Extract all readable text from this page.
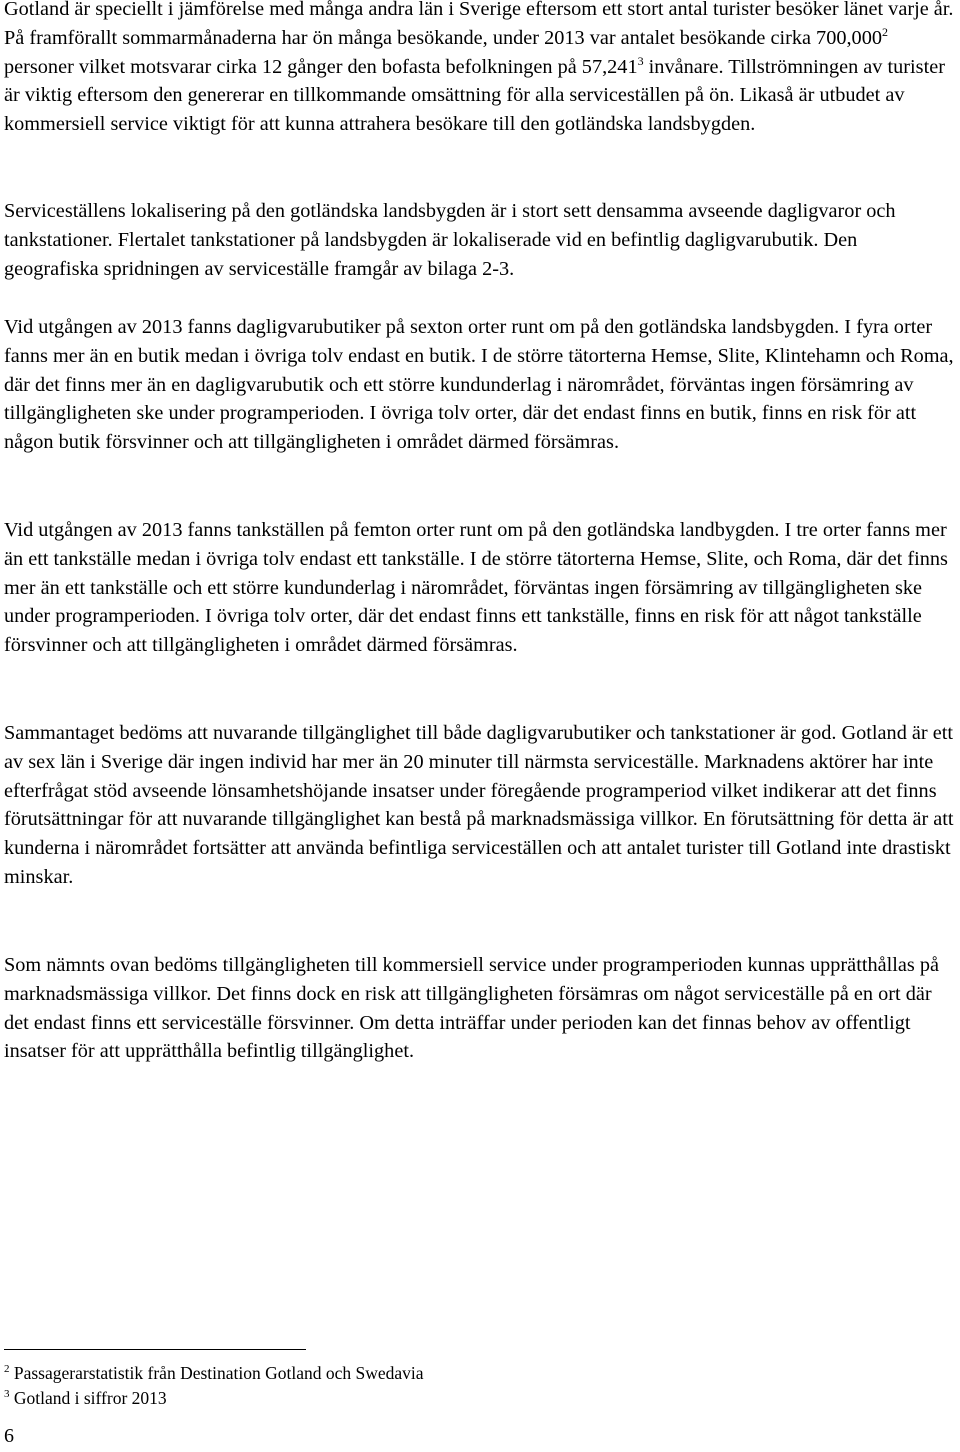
Gotland är speciellt i jämförelse med många andra län i Sverige eftersom ett stort antal turister besöker länet varje år. På framförallt sommarmånaderna har ön många besökande, under 2013 var antalet besökande cirka 700,000$^2$ personer vilket motsvarar cirka 12 gånger den bofasta befolkningen på 57,241$^3$ invånare. Tillströmningen av turister är viktig eftersom den genererar en tillkommande omsättning för alla serviceställen på ön. Likaså är utbudet av kommersiell service viktigt för att kunna attrahera besökare till den gotländska landsbygden.

Serviceställens lokalisering på den gotländska landsbygden är i stort sett densamma avseende dagligvaror och tankstationer. Flertalet tankstationer på landsbygden är lokaliserade vid en befintlig dagligvarubutik. Den geografiska spridningen av serviceställe framgår av bilaga 2-3.

Vid utgången av 2013 fanns dagligvarubutiker på sexton orter runt om på den gotländska landsbygden. I fyra orter fanns mer än en butik medan i övriga tolv endast en butik. I de större tätorterna Hemse, Slite, Klintehamn och Roma, där det finns mer än en dagligvarubutik och ett större kundunderlag i närområdet, förväntas ingen försämring av tillgängligheten ske under programperioden. I övriga tolv orter, där det endast finns en butik, finns en risk för att någon butik försvinner och att tillgängligheten i området därmed försämras.

Vid utgången av 2013 fanns tankställen på femton orter runt om på den gotländska landbygden. I tre orter fanns mer än ett tankställe medan i övriga tolv endast ett tankställe. I de större tätorterna Hemse, Slite, och Roma, där det finns mer än ett tankställe och ett större kundunderlag i närområdet, förväntas ingen försämring av tillgängligheten ske under programperioden. I övriga tolv orter, där det endast finns ett tankställe, finns en risk för att något tankställe försvinner och att tillgängligheten i området därmed försämras.

Sammantaget bedöms att nuvarande tillgänglighet till både dagligvarubutiker och tankstationer är god. Gotland är ett av sex län i Sverige där ingen individ har mer än 20 minuter till närmsta serviceställe. Marknadens aktörer har inte efterfrågat stöd avseende lönsamhetshöjande insatser under föregående programperiod vilket indikerar att det finns förutsättningar för att nuvarande tillgänglighet kan bestå på marknadsmässiga villkor. En förutsättning för detta är att kunderna i närområdet fortsätter att använda befintliga serviceställen och att antalet turister till Gotland inte drastiskt minskar.

Som nämnts ovan bedöms tillgängligheten till kommersiell service under programperioden kunnas upprätthållas på marknadsmässiga villkor. Det finns dock en risk att tillgängligheten försämras om något serviceställe på en ort där det endast finns ett serviceställe försvinner. Om detta inträffar under perioden kan det finnas behov av offentligt insatser för att upprätthålla befintlig tillgänglighet.

$^2$ Passagerarstatistik från Destination Gotland och Swedavia
$^3$ Gotland i siffror 2013
6
